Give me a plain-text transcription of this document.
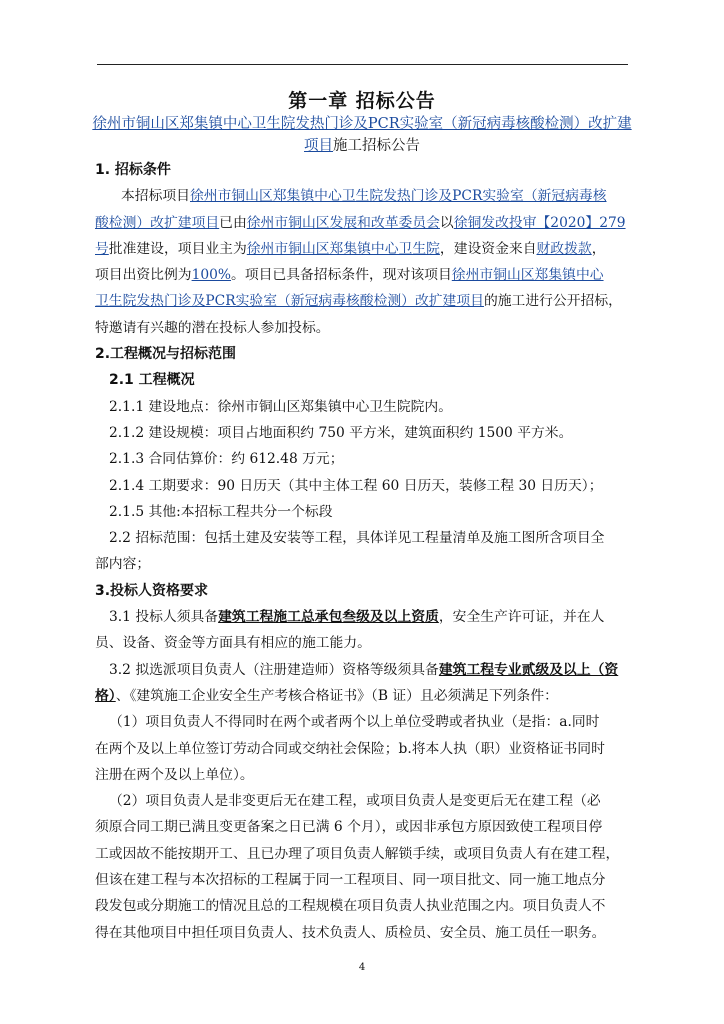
第一章 招标公告
徐州市铜山区郑集镇中心卫生院发热门诊及PCR实验室（新冠病毒核酸检测）改扩建
项目施工招标公告
1. 招标条件
本招标项目徐州市铜山区郑集镇中心卫生院发热门诊及PCR实验室（新冠病毒核
酸检测）改扩建项目已由徐州市铜山区发展和改革委员会以徐铜发改投审【2020】279
号批准建设，项目业主为徐州市铜山区郑集镇中心卫生院，建设资金来自财政拨款，
项目出资比例为100%。项目已具备招标条件，现对该项目徐州市铜山区郑集镇中心
卫生院发热门诊及PCR实验室（新冠病毒核酸检测）改扩建项目的施工进行公开招标，
特邀请有兴趣的潜在投标人参加投标。
2.工程概况与招标范围
2.1 工程概况
2.1.1 建设地点：徐州市铜山区郑集镇中心卫生院院内。
2.1.2 建设规模：项目占地面积约 750 平方米，建筑面积约 1500 平方米。
2.1.3 合同估算价：约 612.48 万元；
2.1.4 工期要求：90 日历天（其中主体工程 60 日历天，装修工程 30 日历天）；
2.1.5 其他:本招标工程共分一个标段
2.2 招标范围：包括土建及安装等工程，具体详见工程量清单及施工图所含项目全
部内容；
3.投标人资格要求
3.1 投标人须具备建筑工程施工总承包叁级及以上资质，安全生产许可证，并在人
员、设备、资金等方面具有相应的施工能力。
3.2 拟选派项目负责人（注册建造师）资格等级须具备建筑工程专业贰级及以上（资
格）、《建筑施工企业安全生产考核合格证书》（B 证）且必须满足下列条件：
（1）项目负责人不得同时在两个或者两个以上单位受聘或者执业（是指：a.同时
在两个及以上单位签订劳动合同或交纳社会保险；b.将本人执（职）业资格证书同时
注册在两个及以上单位）。
（2）项目负责人是非变更后无在建工程，或项目负责人是变更后无在建工程（必
须原合同工期已满且变更备案之日已满 6 个月），或因非承包方原因致使工程项目停
工或因故不能按期开工、且已办理了项目负责人解锁手续，或项目负责人有在建工程，
但该在建工程与本次招标的工程属于同一工程项目、同一项目批文、同一施工地点分
段发包或分期施工的情况且总的工程规模在项目负责人执业范围之内。项目负责人不
得在其他项目中担任项目负责人、技术负责人、质检员、安全员、施工员任一职务。
4
